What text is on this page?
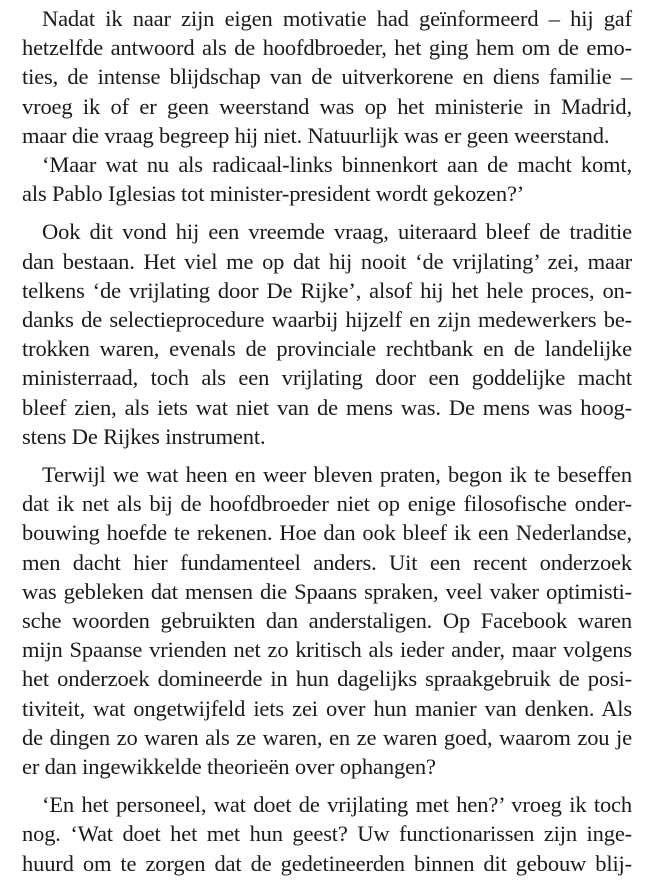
Nadat ik naar zijn eigen motivatie had geïnformeerd – hij gaf
hetzelfde antwoord als de hoofdbroeder, het ging hem om de emo-
ties, de intense blijdschap van de uitverkorene en diens familie –
vroeg ik of er geen weerstand was op het ministerie in Madrid,
maar die vraag begreep hij niet. Natuurlijk was er geen weerstand.
‘Maar wat nu als radicaal-links binnenkort aan de macht komt,
als Pablo Iglesias tot minister-president wordt gekozen?’
Ook dit vond hij een vreemde vraag, uiteraard bleef de traditie
dan bestaan. Het viel me op dat hij nooit ‘de vrijlating’ zei, maar
telkens ‘de vrijlating door De Rijke’, alsof hij het hele proces, on-
danks de selectieprocedure waarbij hijzelf en zijn medewerkers be-
trokken waren, evenals de provinciale rechtbank en de landelijke
ministerraad, toch als een vrijlating door een goddelijke macht
bleef zien, als iets wat niet van de mens was. De mens was hoog-
stens De Rijkes instrument.
Terwijl we wat heen en weer bleven praten, begon ik te beseffen
dat ik net als bij de hoofdbroeder niet op enige filosofische onder-
bouwing hoefde te rekenen. Hoe dan ook bleef ik een Nederlandse,
men dacht hier fundamenteel anders. Uit een recent onderzoek
was gebleken dat mensen die Spaans spraken, veel vaker optimisti-
sche woorden gebruikten dan anderstaligen. Op Facebook waren
mijn Spaanse vrienden net zo kritisch als ieder ander, maar volgens
het onderzoek domineerde in hun dagelijks spraakgebruik de posi-
tiviteit, wat ongetwijfeld iets zei over hun manier van denken. Als
de dingen zo waren als ze waren, en ze waren goed, waarom zou je
er dan ingewikkelde theorieën over ophangen?
‘En het personeel, wat doet de vrijlating met hen?’ vroeg ik toch
nog. ‘Wat doet het met hun geest? Uw functionarissen zijn inge-
huurd om te zorgen dat de gedetineerden binnen dit gebouw blij-
